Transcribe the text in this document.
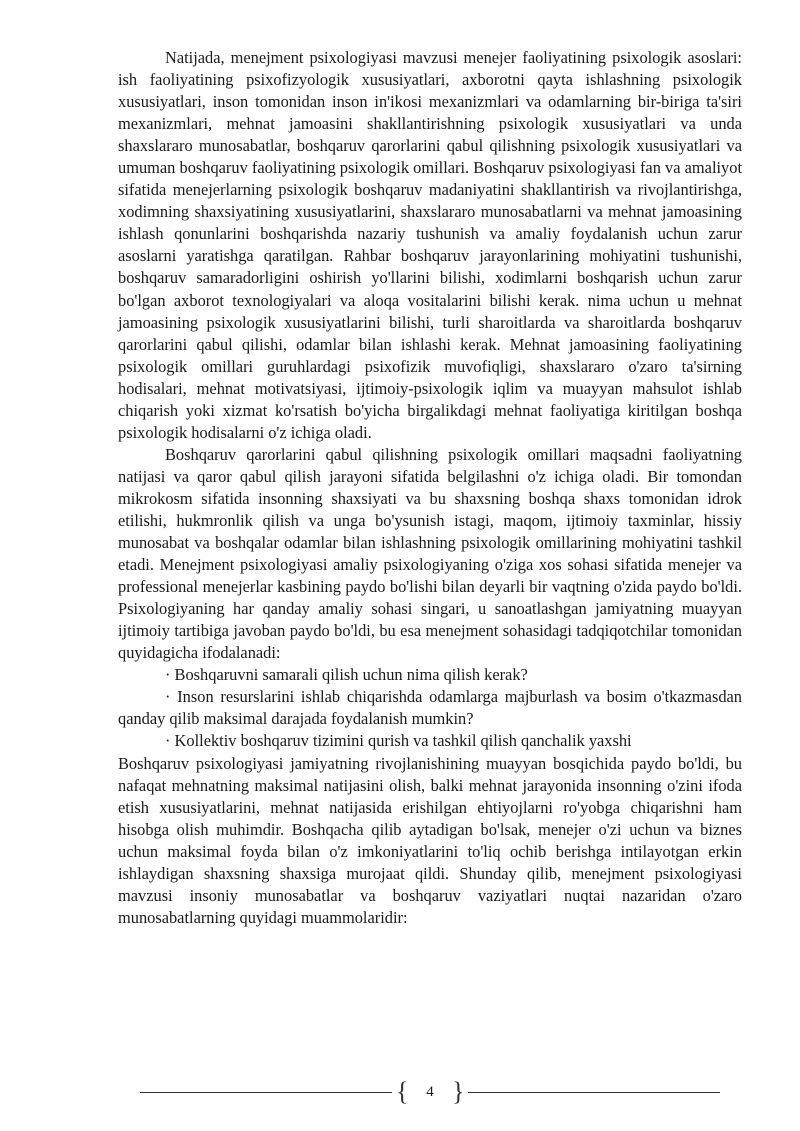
Natijada, menejment psixologiyasi mavzusi menejer faoliyatining psixologik asoslari: ish faoliyatining psixofizyologik xususiyatlari, axborotni qayta ishlashning psixologik xususiyatlari, inson tomonidan inson in'ikosi mexanizmlari va odamlarning bir-biriga ta'siri mexanizmlari, mehnat jamoasini shakllantirishning psixologik xususiyatlari va unda shaxslararo munosabatlar, boshqaruv qarorlarini qabul qilishning psixologik xususiyatlari va umuman boshqaruv faoliyatining psixologik omillari. Boshqaruv psixologiyasi fan va amaliyot sifatida menejerlarning psixologik boshqaruv madaniyatini shakllantirish va rivojlantirishga, xodimning shaxsiyatining xususiyatlarini, shaxslararo munosabatlarni va mehnat jamoasining ishlash qonunlarini boshqarishda nazariy tushunish va amaliy foydalanish uchun zarur asoslarni yaratishga qaratilgan. Rahbar boshqaruv jarayonlarining mohiyatini tushunishi, boshqaruv samaradorligini oshirish yo'llarini bilishi, xodimlarni boshqarish uchun zarur bo'lgan axborot texnologiyalari va aloqa vositalarini bilishi kerak. nima uchun u mehnat jamoasining psixologik xususiyatlarini bilishi, turli sharoitlarda va sharoitlarda boshqaruv qarorlarini qabul qilishi, odamlar bilan ishlashi kerak. Mehnat jamoasining faoliyatining psixologik omillari guruhlardagi psixofizik muvofiqligi, shaxslararo o'zaro ta'sirning hodisalari, mehnat motivatsiyasi, ijtimoiy-psixologik iqlim va muayyan mahsulot ishlab chiqarish yoki xizmat ko'rsatish bo'yicha birgalikdagi mehnat faoliyatiga kiritilgan boshqa psixologik hodisalarni o'z ichiga oladi.

Boshqaruv qarorlarini qabul qilishning psixologik omillari maqsadni faoliyatning natijasi va qaror qabul qilish jarayoni sifatida belgilashni o'z ichiga oladi. Bir tomondan mikrokosm sifatida insonning shaxsiyati va bu shaxsning boshqa shaxs tomonidan idrok etilishi, hukmronlik qilish va unga bo'ysunish istagi, maqom, ijtimoiy taxminlar, hissiy munosabat va boshqalar odamlar bilan ishlashning psixologik omillarining mohiyatini tashkil etadi. Menejment psixologiyasi amaliy psixologiyaning o'ziga xos sohasi sifatida menejer va professional menejerlar kasbining paydo bo'lishi bilan deyarli bir vaqtning o'zida paydo bo'ldi. Psixologiyaning har qanday amaliy sohasi singari, u sanoatlashgan jamiyatning muayyan ijtimoiy tartibiga javoban paydo bo'ldi, bu esa menejment sohasidagi tadqiqotchilar tomonidan quyidagicha ifodalanadi:

· Boshqaruvni samarali qilish uchun nima qilish kerak?

· Inson resurslarini ishlab chiqarishda odamlarga majburlash va bosim o'tkazmasdan qanday qilib maksimal darajada foydalanish mumkin?

· Kollektiv boshqaruv tizimini qurish va tashkil qilish qanchalik yaxshi

Boshqaruv psixologiyasi jamiyatning rivojlanishining muayyan bosqichida paydo bo'ldi, bu nafaqat mehnatning maksimal natijasini olish, balki mehnat jarayonida insonning o'zini ifoda etish xususiyatlarini, mehnat natijasida erishilgan ehtiyojlarni ro'yobga chiqarishni ham hisobga olish muhimdir. Boshqacha qilib aytadigan bo'lsak, menejer o'zi uchun va biznes uchun maksimal foyda bilan o'z imkoniyatlarini to'liq ochib berishga intilayotgan erkin ishlaydigan shaxsning shaxsiga murojaat qildi. Shunday qilib, menejment psixologiyasi mavzusi insoniy munosabatlar va boshqaruv vaziyatlari nuqtai nazaridan o'zaro munosabatlarning quyidagi muammolaridir:

{	4 }
